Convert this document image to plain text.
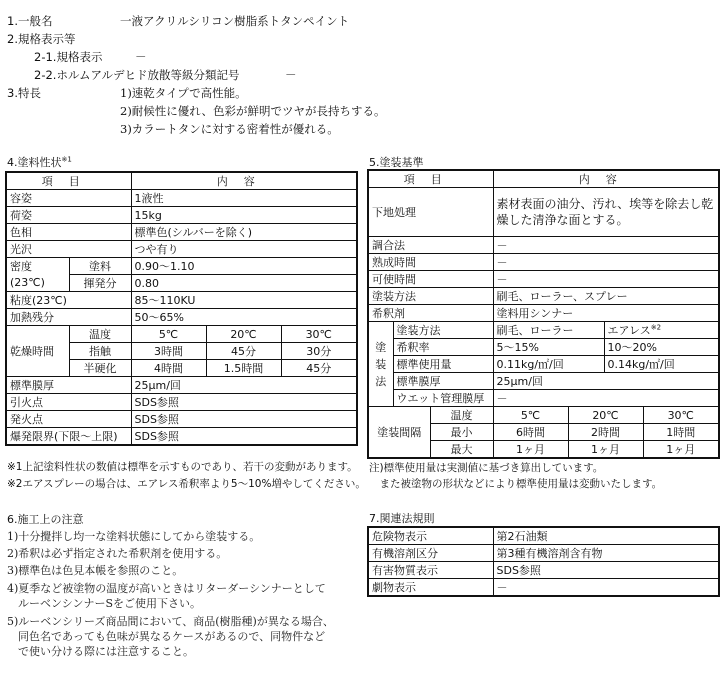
1.一般名	一液アクリルシリコン樹脂系トタンペイント
2.規格表示等
2-1.規格表示	－
2-2.ホルムアルデヒド放散等級分類記号	－
3.特長	1)速乾タイプで高性能。
2)耐候性に優れ、色彩が鮮明でツヤが長持ちする。
3)カラートタンに対する密着性が優れる。
4.塗料性状$^{※1}$
項目		内容		
容姿		1液性		
荷姿		15kg		
色相		標準色(シルバーを除く)		
光沢		つや有り		
密度
(23℃)	塗料	0.90～1.10		
	揮発分	0.80		
粘度(23℃)		85～110KU		
加熱残分		50～65%		
乾燥時間	温度	5℃	20℃	30℃
	指触	3時間	45分	30分
	半硬化	4時間	1.5時間	45分
標準膜厚		25μm/回		
引火点		SDS参照		
発火点		SDS参照		
爆発限界(下限～上限)		SDS参照		
※1上記塗料性状の数値は標準を示すものであり、若干の変動があります。
※2エアスプレーの場合は、エアレス希釈率より5～10%増やしてください。
5.塗装基準
項目			内容			
下地処理			素材表面の油分、汚れ、埃等を除去し乾燥した清浄な面とする。			
調合法			－			
熟成時間			－			
可使時間			－			
塗装方法			刷毛、ローラー、スプレー			
希釈剤			塗料用シンナー			
塗装法	塗装方法		刷毛、ローラー		エアレス$^{※2}$
	希釈率		5～15%		10～20%	
	標準使用量		0.11kg/㎡/回		0.14kg/㎡/回	
	標準膜厚		25μm/回			
	ウエット管理膜厚		－			
塗装間隔		温度	5℃	20℃		30℃
		最小	6時間	2時間		1時間
		最大	1ヶ月	1ヶ月		1ヶ月
注)標準使用量は実測値に基づき算出しています。
　また被塗物の形状などにより標準使用量は変動いたします。
6.施工上の注意
1)十分攪拌し均一な塗料状態にしてから塗装する。
2)希釈は必ず指定された希釈剤を使用する。
3)標準色は色見本帳を参照のこと。
4)夏季など被塗物の温度が高いときはリターダーシンナーとして
　ルーベンシンナーSをご使用下さい。
5)ルーベンシリーズ商品間において、商品(樹脂種)が異なる場合、
　同色名であっても色味が異なるケースがあるので、同物件など
　で使い分ける際には注意すること。
7.関連法規則
危険物表示	第2石油類
有機溶剤区分	第3種有機溶剤含有物
有害物質表示	SDS参照
劇物表示	－
